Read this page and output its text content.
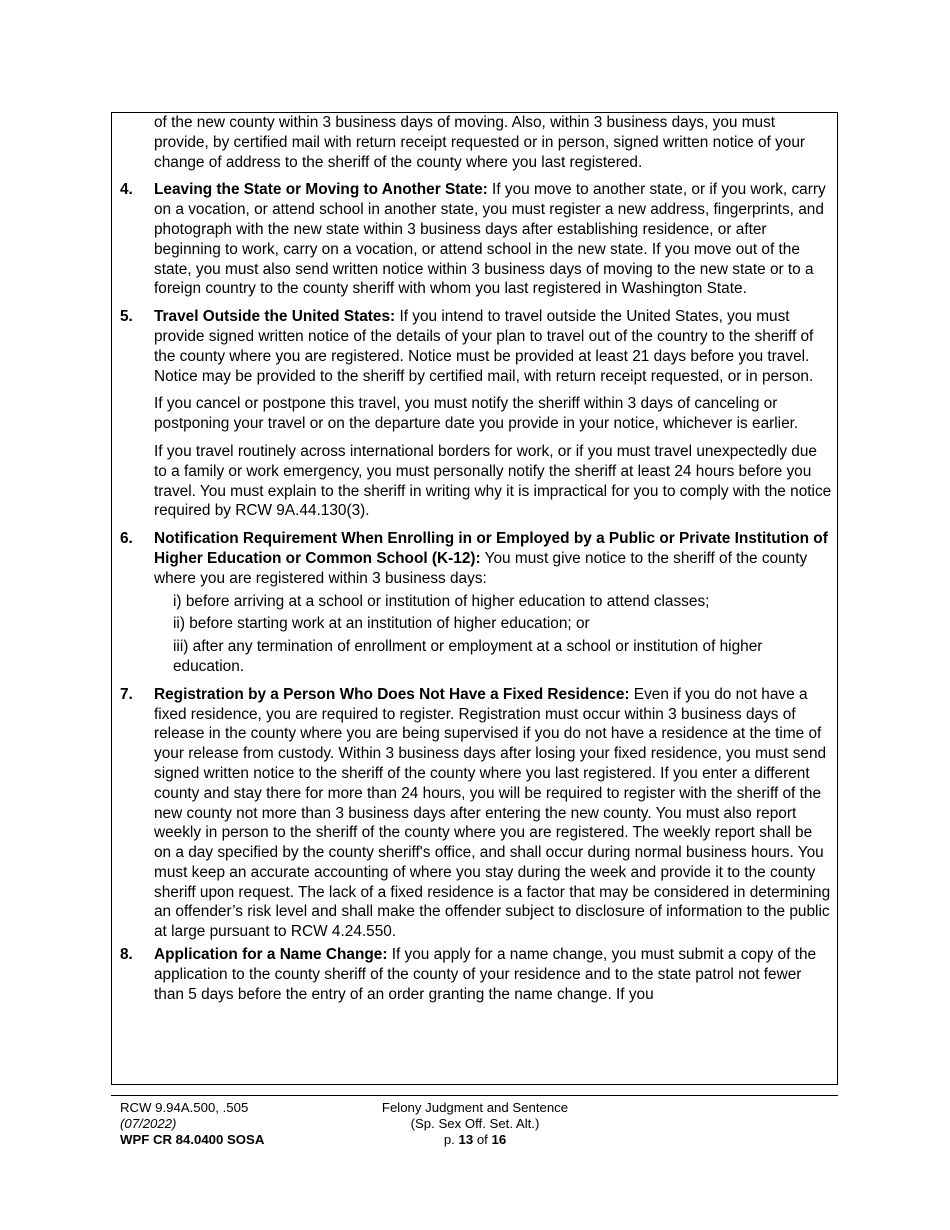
of the new county within 3 business days of moving. Also, within 3 business days, you must provide, by certified mail with return receipt requested or in person, signed written notice of your change of address to the sheriff of the county where you last registered.

4. Leaving the State or Moving to Another State: If you move to another state, or if you work, carry on a vocation, or attend school in another state, you must register a new address, fingerprints, and photograph with the new state within 3 business days after establishing residence, or after beginning to work, carry on a vocation, or attend school in the new state. If you move out of the state, you must also send written notice within 3 business days of moving to the new state or to a foreign country to the county sheriff with whom you last registered in Washington State.
5. Travel Outside the United States: If you intend to travel outside the United States, you must provide signed written notice of the details of your plan to travel out of the country to the sheriff of the county where you are registered. Notice must be provided at least 21 days before you travel. Notice may be provided to the sheriff by certified mail, with return receipt requested, or in person.

If you cancel or postpone this travel, you must notify the sheriff within 3 days of canceling or postponing your travel or on the departure date you provide in your notice, whichever is earlier.

If you travel routinely across international borders for work, or if you must travel unexpectedly due to a family or work emergency, you must personally notify the sheriff at least 24 hours before you travel. You must explain to the sheriff in writing why it is impractical for you to comply with the notice required by RCW 9A.44.130(3).

6. Notification Requirement When Enrolling in or Employed by a Public or Private Institution of Higher Education or Common School (K-12): You must give notice to the sheriff of the county where you are registered within 3 business days:

i) before arriving at a school or institution of higher education to attend classes;

ii) before starting work at an institution of higher education; or

iii) after any termination of enrollment or employment at a school or institution of higher education.

7. Registration by a Person Who Does Not Have a Fixed Residence: Even if you do not have a fixed residence, you are required to register. Registration must occur within 3 business days of release in the county where you are being supervised if you do not have a residence at the time of your release from custody. Within 3 business days after losing your fixed residence, you must send signed written notice to the sheriff of the county where you last registered. If you enter a different county and stay there for more than 24 hours, you will be required to register with the sheriff of the new county not more than 3 business days after entering the new county. You must also report weekly in person to the sheriff of the county where you are registered. The weekly report shall be on a day specified by the county sheriff's office, and shall occur during normal business hours. You must keep an accurate accounting of where you stay during the week and provide it to the county sheriff upon request. The lack of a fixed residence is a factor that may be considered in determining an offender’s risk level and shall make the offender subject to disclosure of information to the public at large pursuant to RCW 4.24.550.
8. Application for a Name Change: If you apply for a name change, you must submit a copy of the application to the county sheriff of the county of your residence and to the state patrol not fewer than 5 days before the entry of an order granting the name change. If you
RCW 9.94A.500, .505
(07/2022)
WPF CR 84.0400 SOSA
Felony Judgment and Sentence
(Sp. Sex Off. Set. Alt.)
p. 13 of 16
